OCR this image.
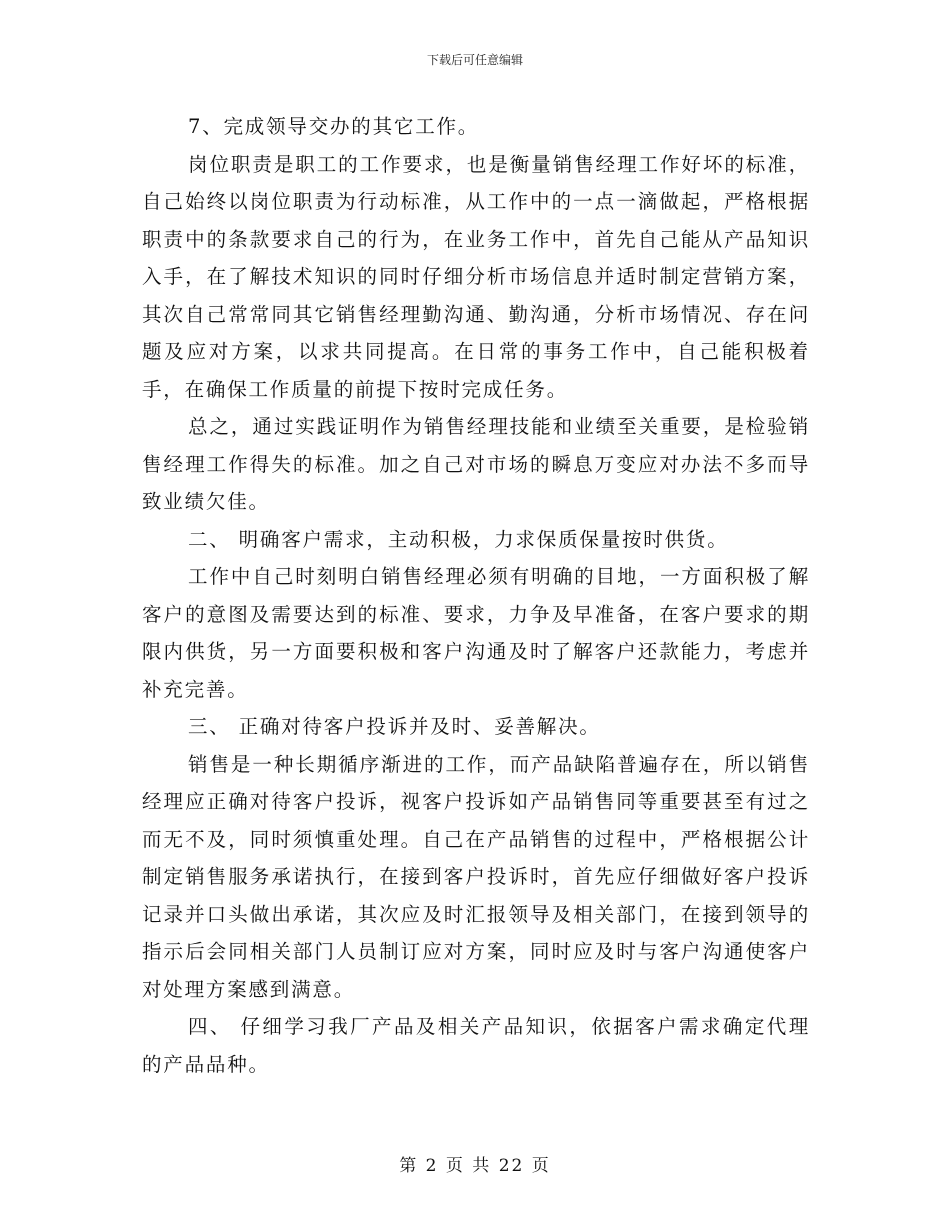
下载后可任意编辑

7、完成领导交办的其它工作。

岗位职责是职工的工作要求，也是衡量销售经理工作好坏的标准，自己始终以岗位职责为行动标准，从工作中的一点一滴做起，严格根据职责中的条款要求自己的行为，在业务工作中，首先自己能从产品知识入手，在了解技术知识的同时仔细分析市场信息并适时制定营销方案，其次自己常常同其它销售经理勤沟通、勤沟通，分析市场情况、存在问题及应对方案，以求共同提高。在日常的事务工作中，自己能积极着手，在确保工作质量的前提下按时完成任务。

总之，通过实践证明作为销售经理技能和业绩至关重要，是检验销售经理工作得失的标准。加之自己对市场的瞬息万变应对办法不多而导致业绩欠佳。

二、 明确客户需求，主动积极，力求保质保量按时供货。

工作中自己时刻明白销售经理必须有明确的目地，一方面积极了解客户的意图及需要达到的标准、要求，力争及早准备，在客户要求的期限内供货，另一方面要积极和客户沟通及时了解客户还款能力，考虑并补充完善。

三、 正确对待客户投诉并及时、妥善解决。

销售是一种长期循序渐进的工作，而产品缺陷普遍存在，所以销售经理应正确对待客户投诉，视客户投诉如产品销售同等重要甚至有过之而无不及，同时须慎重处理。自己在产品销售的过程中，严格根据公计制定销售服务承诺执行，在接到客户投诉时，首先应仔细做好客户投诉记录并口头做出承诺，其次应及时汇报领导及相关部门，在接到领导的指示后会同相关部门人员制订应对方案，同时应及时与客户沟通使客户对处理方案感到满意。

四、 仔细学习我厂产品及相关产品知识，依据客户需求确定代理的产品品种。

第 2 页 共 22 页
